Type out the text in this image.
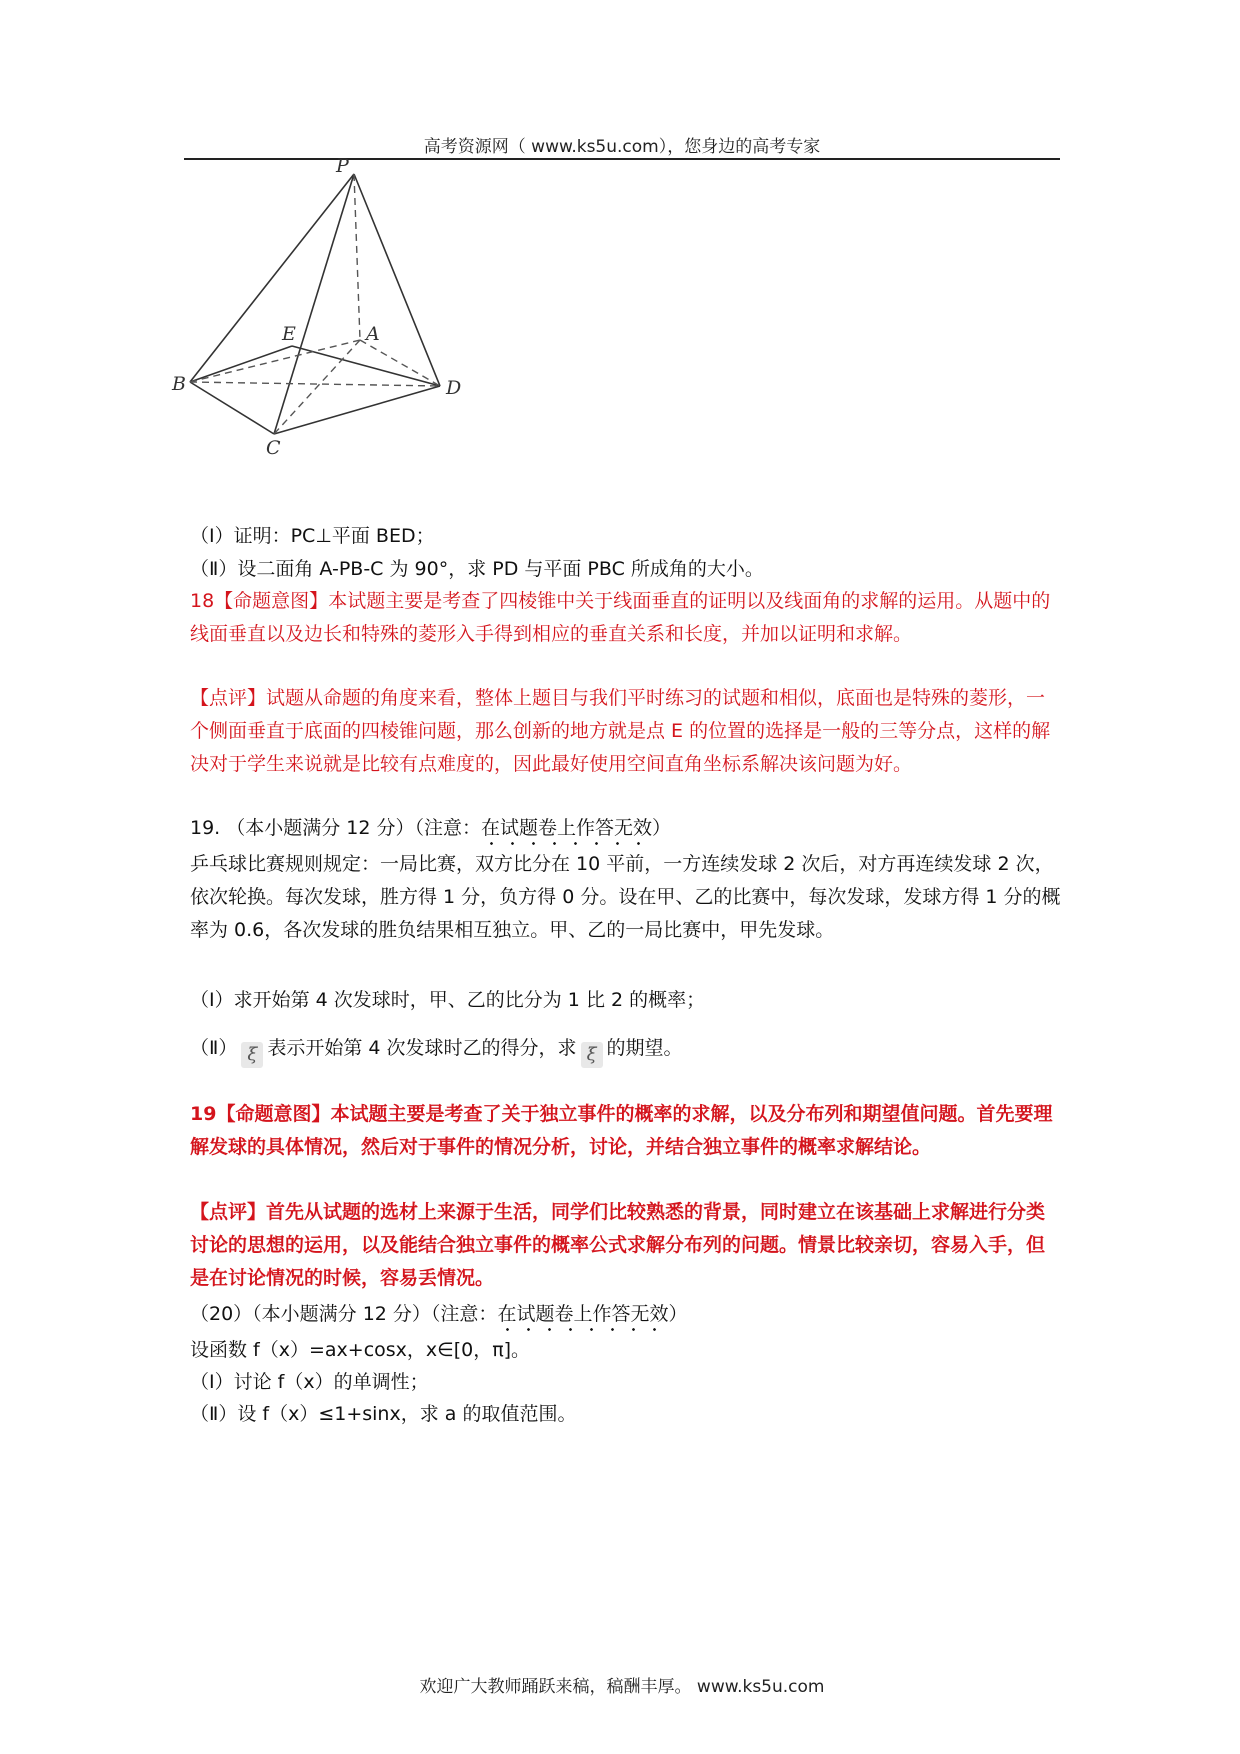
高考资源网（ www.ks5u.com），您身边的高考专家
P
E	A
B	D
C
（Ⅰ）证明：PC⊥平面 BED；
（Ⅱ）设二面角 A-PB-C 为 90°，求 PD 与平面 PBC 所成角的大小。
18【命题意图】本试题主要是考查了四棱锥中关于线面垂直的证明以及线面角的求解的运用。从题中的线面垂直以及边长和特殊的菱形入手得到相应的垂直关系和长度，并加以证明和求解。
【点评】试题从命题的角度来看，整体上题目与我们平时练习的试题和相似，底面也是特殊的菱形，一个侧面垂直于底面的四棱锥问题，那么创新的地方就是点 E 的位置的选择是一般的三等分点，这样的解决对于学生来说就是比较有点难度的，因此最好使用空间直角坐标系解决该问题为好。
19. （本小题满分 12 分）（注意：在试题卷上作答无效）
乒乓球比赛规则规定：一局比赛，双方比分在 10 平前，一方连续发球 2 次后，对方再连续发球 2 次，依次轮换。每次发球，胜方得 1 分，负方得 0 分。设在甲、乙的比赛中，每次发球，发球方得 1 分的概率为 0.6，各次发球的胜负结果相互独立。甲、乙的一局比赛中，甲先发球。
（Ⅰ）求开始第 4 次发球时，甲、乙的比分为 1 比 2 的概率；
（Ⅱ） ξ 表示开始第 4 次发球时乙的得分，求 ξ 的期望。
19【命题意图】本试题主要是考查了关于独立事件的概率的求解，以及分布列和期望值问题。首先要理解发球的具体情况，然后对于事件的情况分析，讨论，并结合独立事件的概率求解结论。
【点评】首先从试题的选材上来源于生活，同学们比较熟悉的背景，同时建立在该基础上求解进行分类讨论的思想的运用，以及能结合独立事件的概率公式求解分布列的问题。情景比较亲切，容易入手，但是在讨论情况的时候，容易丢情况。
（20）（本小题满分 12 分）（注意：在试题卷上作答无效）
设函数 f（x）=ax+cosx，x∈[0，π]。
（Ⅰ）讨论 f（x）的单调性；
（Ⅱ）设 f（x）≤1+sinx，求 a 的取值范围。
欢迎广大教师踊跃来稿，稿酬丰厚。 www.ks5u.com
